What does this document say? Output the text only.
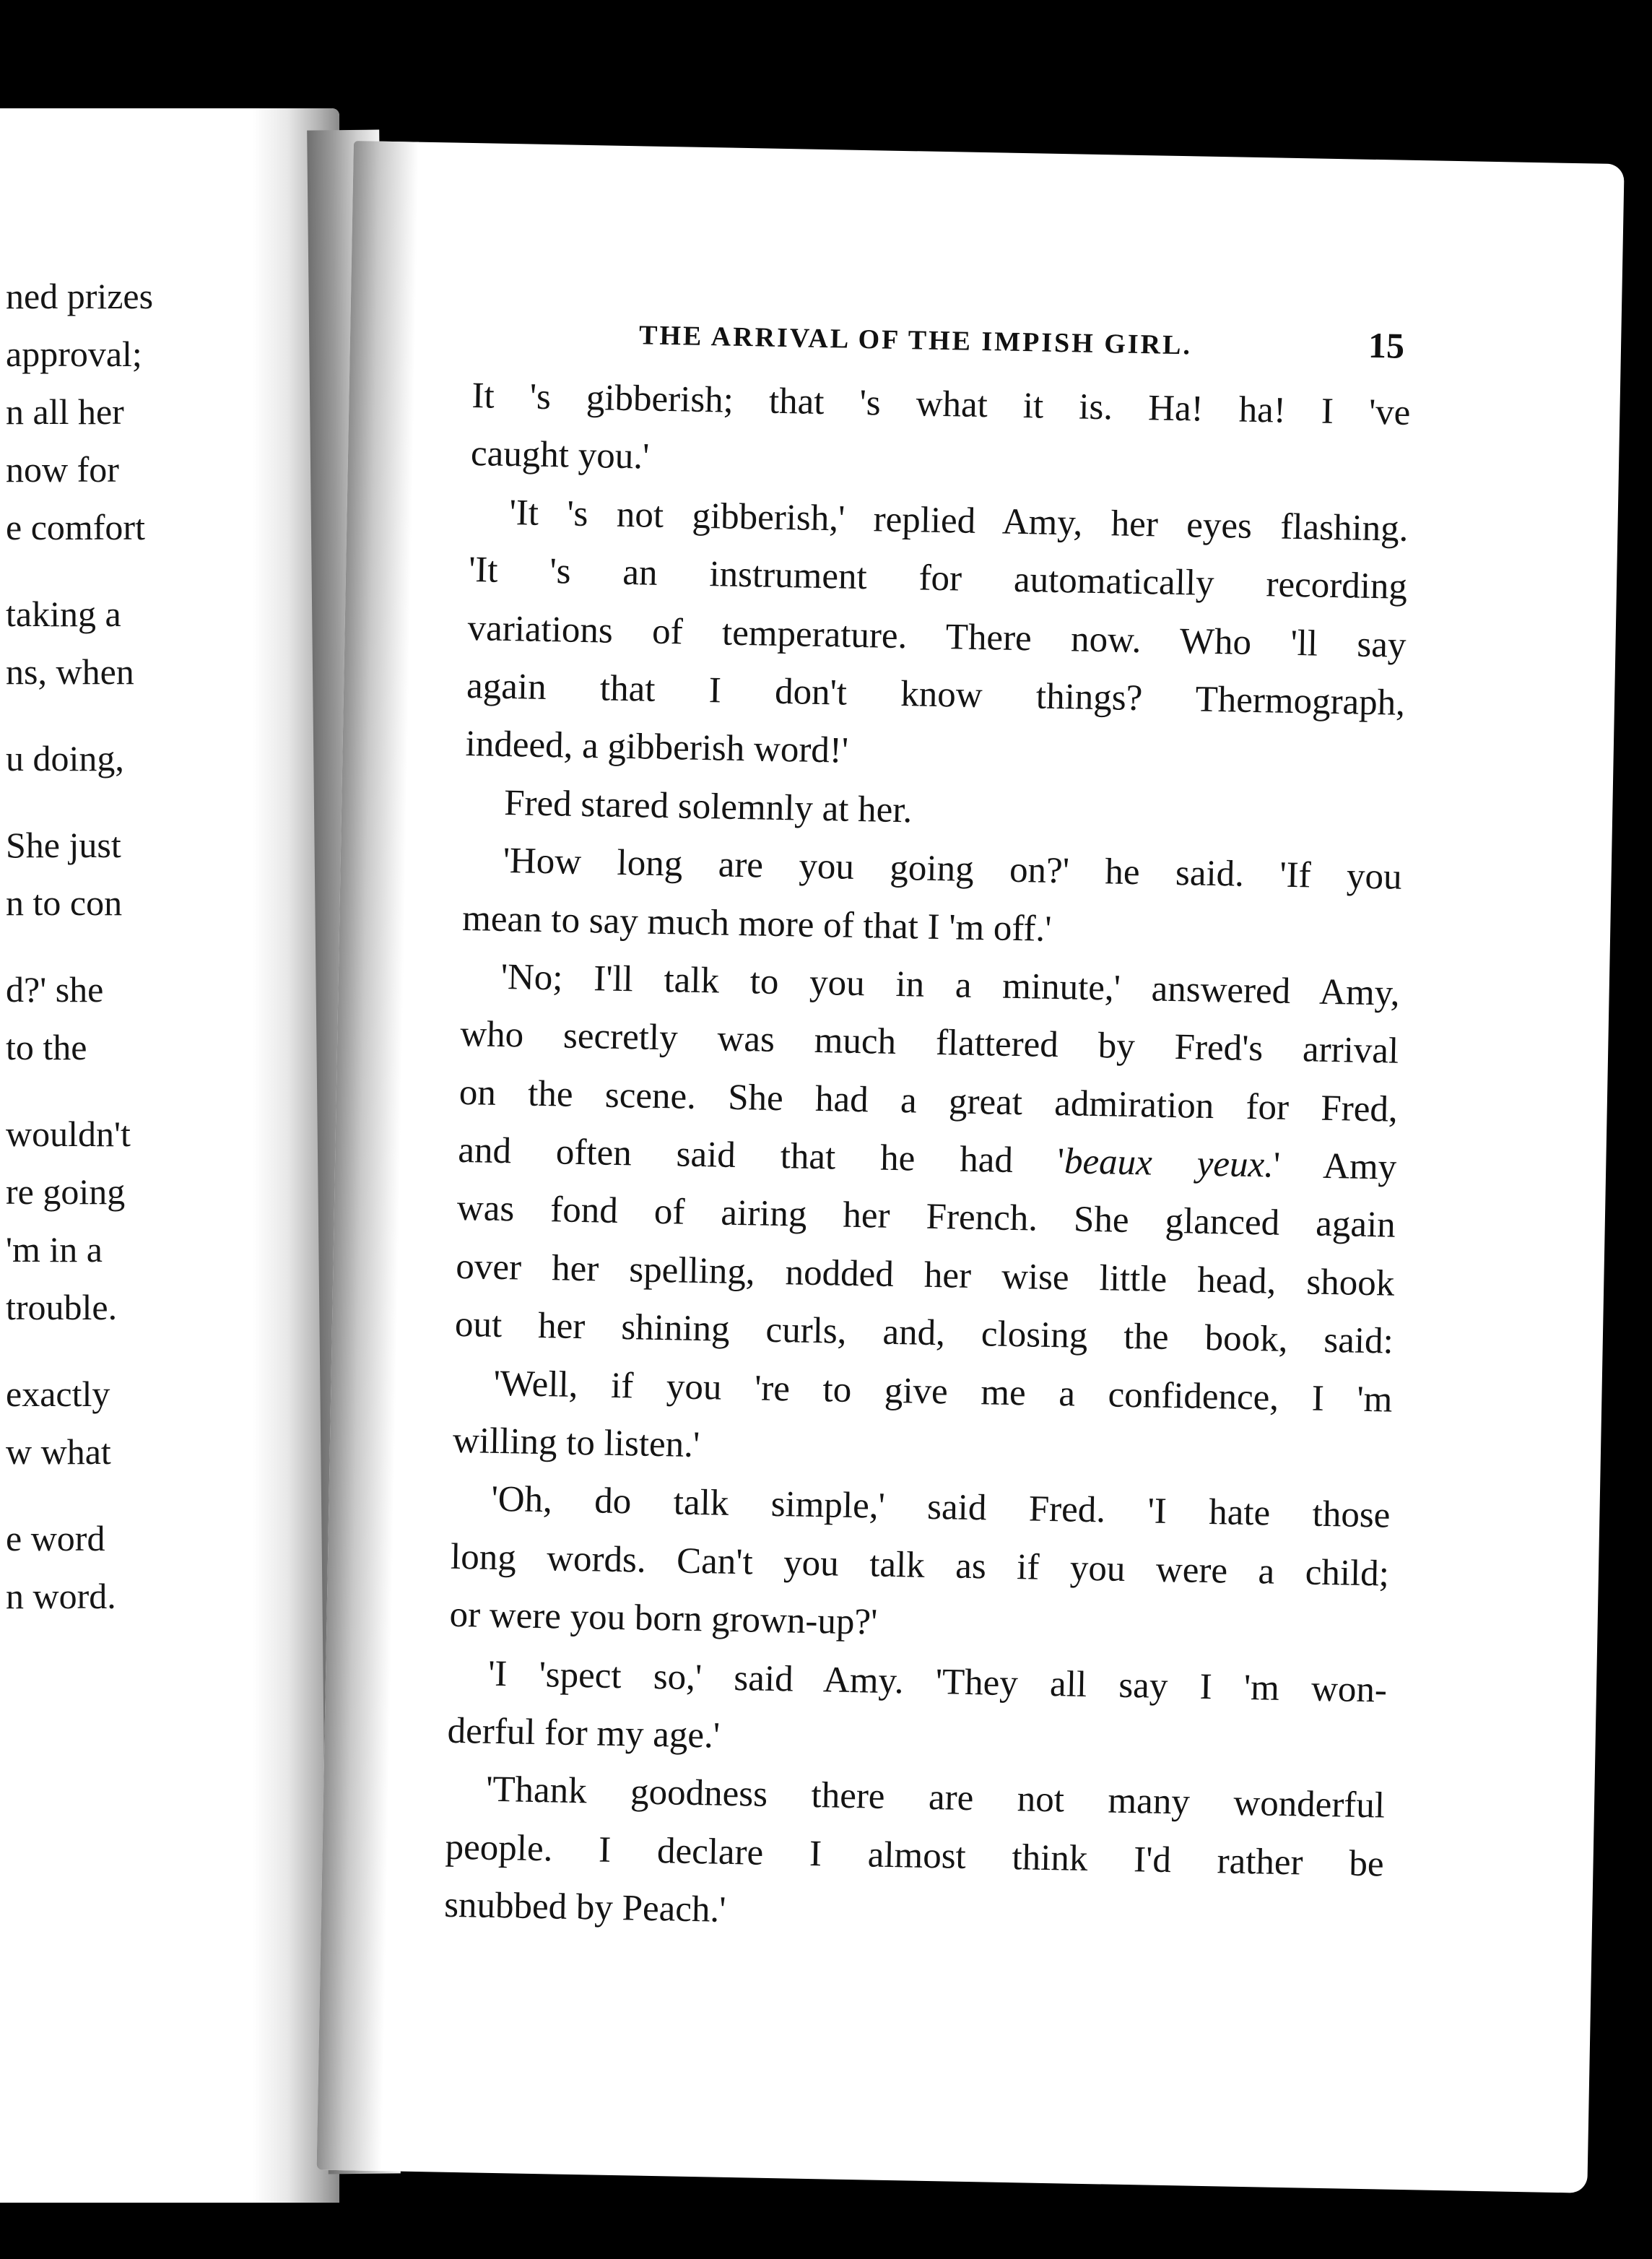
ned prizes
approval;
n all her
now for
e comfort
taking a
ns, when
u doing,
She just
n to con
d?' she
to the
wouldn't
re going
'm in a
trouble.
exactly
w what
e word
n word.
THE ARRIVAL OF THE IMPISH GIRL.	15
It 's gibberish; that 's what it is. Ha! ha! I 've
caught you.'
'It 's not gibberish,' replied Amy, her eyes flashing.
'It 's an instrument for automatically recording
variations of temperature. There now. Who 'll say
again that I don't know things? Thermograph,
indeed, a gibberish word!'
Fred stared solemnly at her.
'How long are you going on?' he said. 'If you
mean to say much more of that I 'm off.'
'No; I'll talk to you in a minute,' answered Amy,
who secretly was much flattered by Fred's arrival
on the scene. She had a great admiration for Fred,
and often said that he had 'beaux yeux.' Amy
was fond of airing her French. She glanced again
over her spelling, nodded her wise little head, shook
out her shining curls, and, closing the book, said:
'Well, if you 're to give me a confidence, I 'm
willing to listen.'
'Oh, do talk simple,' said Fred. 'I hate those
long words. Can't you talk as if you were a child;
or were you born grown-up?'
'I 'spect so,' said Amy. 'They all say I 'm won-
derful for my age.'
'Thank goodness there are not many wonderful
people. I declare I almost think I'd rather be
snubbed by Peach.'
